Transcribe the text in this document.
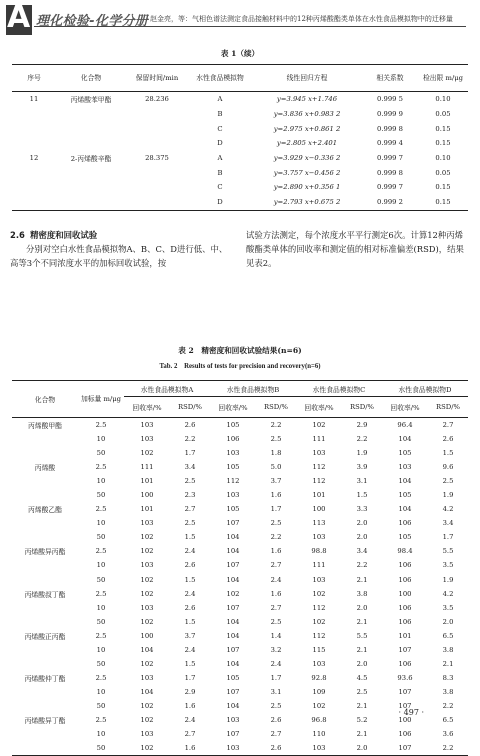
A 理化检验-化学分册 赵金亮，等：气相色谱法测定食品接触材料中的12种丙烯酸酯类单体在水性食品模拟物中的迁移量
表 1（续）
序号	化合物	保留时间/min	水性食品模拟物	线性回归方程	相关系数	检出限 m/μg
11	丙烯酸苯甲酯	28.236	A	y=3.945 x+1.746	0.999 5	0.10
			B	y=3.836 x+0.983 2	0.999 9	0.05
			C	y=2.975 x+0.861 2	0.999 8	0.15
			D	y=2.805 x+2.401	0.999 4	0.15
12	2-丙烯酸辛酯	28.375	A	y=3.929 x−0.336 2	0.999 7	0.10
			B	y=3.757 x−0.456 2	0.999 8	0.05
			C	y=2.890 x+0.356 1	0.999 7	0.15
			D	y=2.793 x+0.675 2	0.999 2	0.15
2.6 精密度和回收试验
分别对空白水性食品模拟物A、B、C、D进行低、中、高等3个不同浓度水平的加标回收试验，按
试验方法测定，每个浓度水平平行测定6次。计算12种丙烯酸酯类单体的回收率和测定值的相对标准偏差(RSD)，结果见表2。
表 2　精密度和回收试验结果(n=6)
Tab. 2　Results of tests for precision and recovery(n=6)
化合物	加标量 m/μg	水性食品模拟物A		水性食品模拟物B		水性食品模拟物C		水性食品模拟物D	
		回收率/%	RSD/%	回收率/%	RSD/%	回收率/%	RSD/%	回收率/%	RSD/%
丙烯酸甲酯	2.5	103	2.6	105	2.2	102	2.9	96.4	2.7
	10	103	2.2	106	2.5	111	2.2	104	2.6
	50	102	1.7	103	1.8	103	1.9	105	1.5
丙烯酸	2.5	111	3.4	105	5.0	112	3.9	103	9.6
	10	101	2.5	112	3.7	112	3.1	104	2.5
	50	100	2.3	103	1.6	101	1.5	105	1.9
丙烯酸乙酯	2.5	101	2.7	105	1.7	100	3.3	104	4.2
	10	103	2.5	107	2.5	113	2.0	106	3.4
	50	102	1.5	104	2.2	103	2.0	105	1.7
丙烯酸异丙酯	2.5	102	2.4	104	1.6	98.8	3.4	98.4	5.5
	10	103	2.6	107	2.7	111	2.2	106	3.5
	50	102	1.5	104	2.4	103	2.1	106	1.9
丙烯酸叔丁酯	2.5	102	2.4	102	1.6	102	3.8	100	4.2
	10	103	2.6	107	2.7	112	2.0	106	3.5
	50	102	1.5	104	2.5	102	2.1	106	2.0
丙烯酸正丙酯	2.5	100	3.7	104	1.4	112	5.5	101	6.5
	10	104	2.4	107	3.2	115	2.1	107	3.8
	50	102	1.5	104	2.4	103	2.0	106	2.1
丙烯酸仲丁酯	2.5	103	1.7	105	1.7	92.8	4.5	93.6	8.3
	10	104	2.9	107	3.1	109	2.5	107	3.8
	50	102	1.6	104	2.5	102	2.1	107	2.2
丙烯酸异丁酯	2.5	102	2.4	103	2.6	96.8	5.2	100	6.5
	10	103	2.7	107	2.7	110	2.1	106	3.6
	50	102	1.6	103	2.6	103	2.0	107	2.2
· 497 ·
